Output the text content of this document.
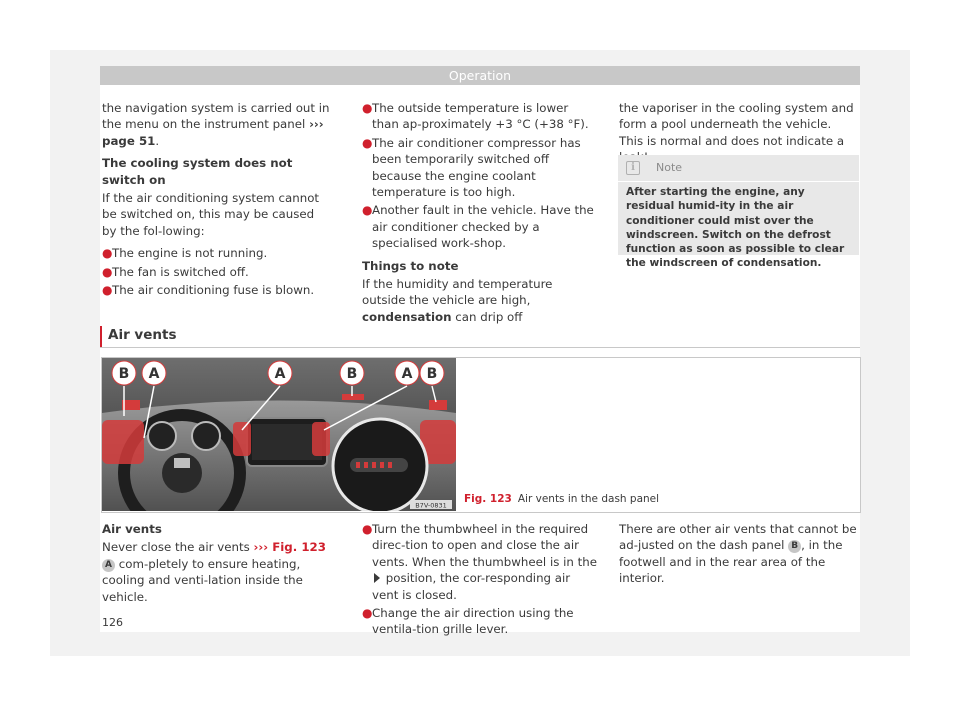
Operation

the navigation system is carried out in the menu on the instrument panel ››› page 51.

The cooling system does not switch on

If the air conditioning system cannot be switched on, this may be caused by the fol-lowing:

● The engine is not running.
● The fan is switched off.
● The air conditioning fuse is blown.
● The outside temperature is lower than ap-proximately +3 °C (+38 °F).
● The air conditioner compressor has been temporarily switched off because the engine coolant temperature is too high.
● Another fault in the vehicle. Have the air conditioner checked by a specialised work-shop.

Things to note

If the humidity and temperature outside the vehicle are high, condensation can drip off

the vaporiser in the cooling system and form a pool underneath the vehicle. This is normal and does not indicate a

i	Note
After starting the engine, any residual humid-ity in the air conditioner could mist over the windscreen. Switch on the defrost function as soon as possible to clear the windscreen of condensation.
Air vents
B A	A	B	A B
B7V-0831
Fig. 123 Air vents in the dash panel

Air vents

Never close the air vents ››› Fig. 123 A com-pletely to ensure heating, cooling and venti-lation inside the vehicle.

● Turn the thumbwheel in the required direc-tion to open and close the air vents. When the thumbwheel is in the  position, the cor-responding air vent is closed.
● Change the air direction using the ventila-tion grille lever.

There are other air vents that cannot be ad-justed on the dash panel B , in the footwell and in the rear area of the interior.

126
